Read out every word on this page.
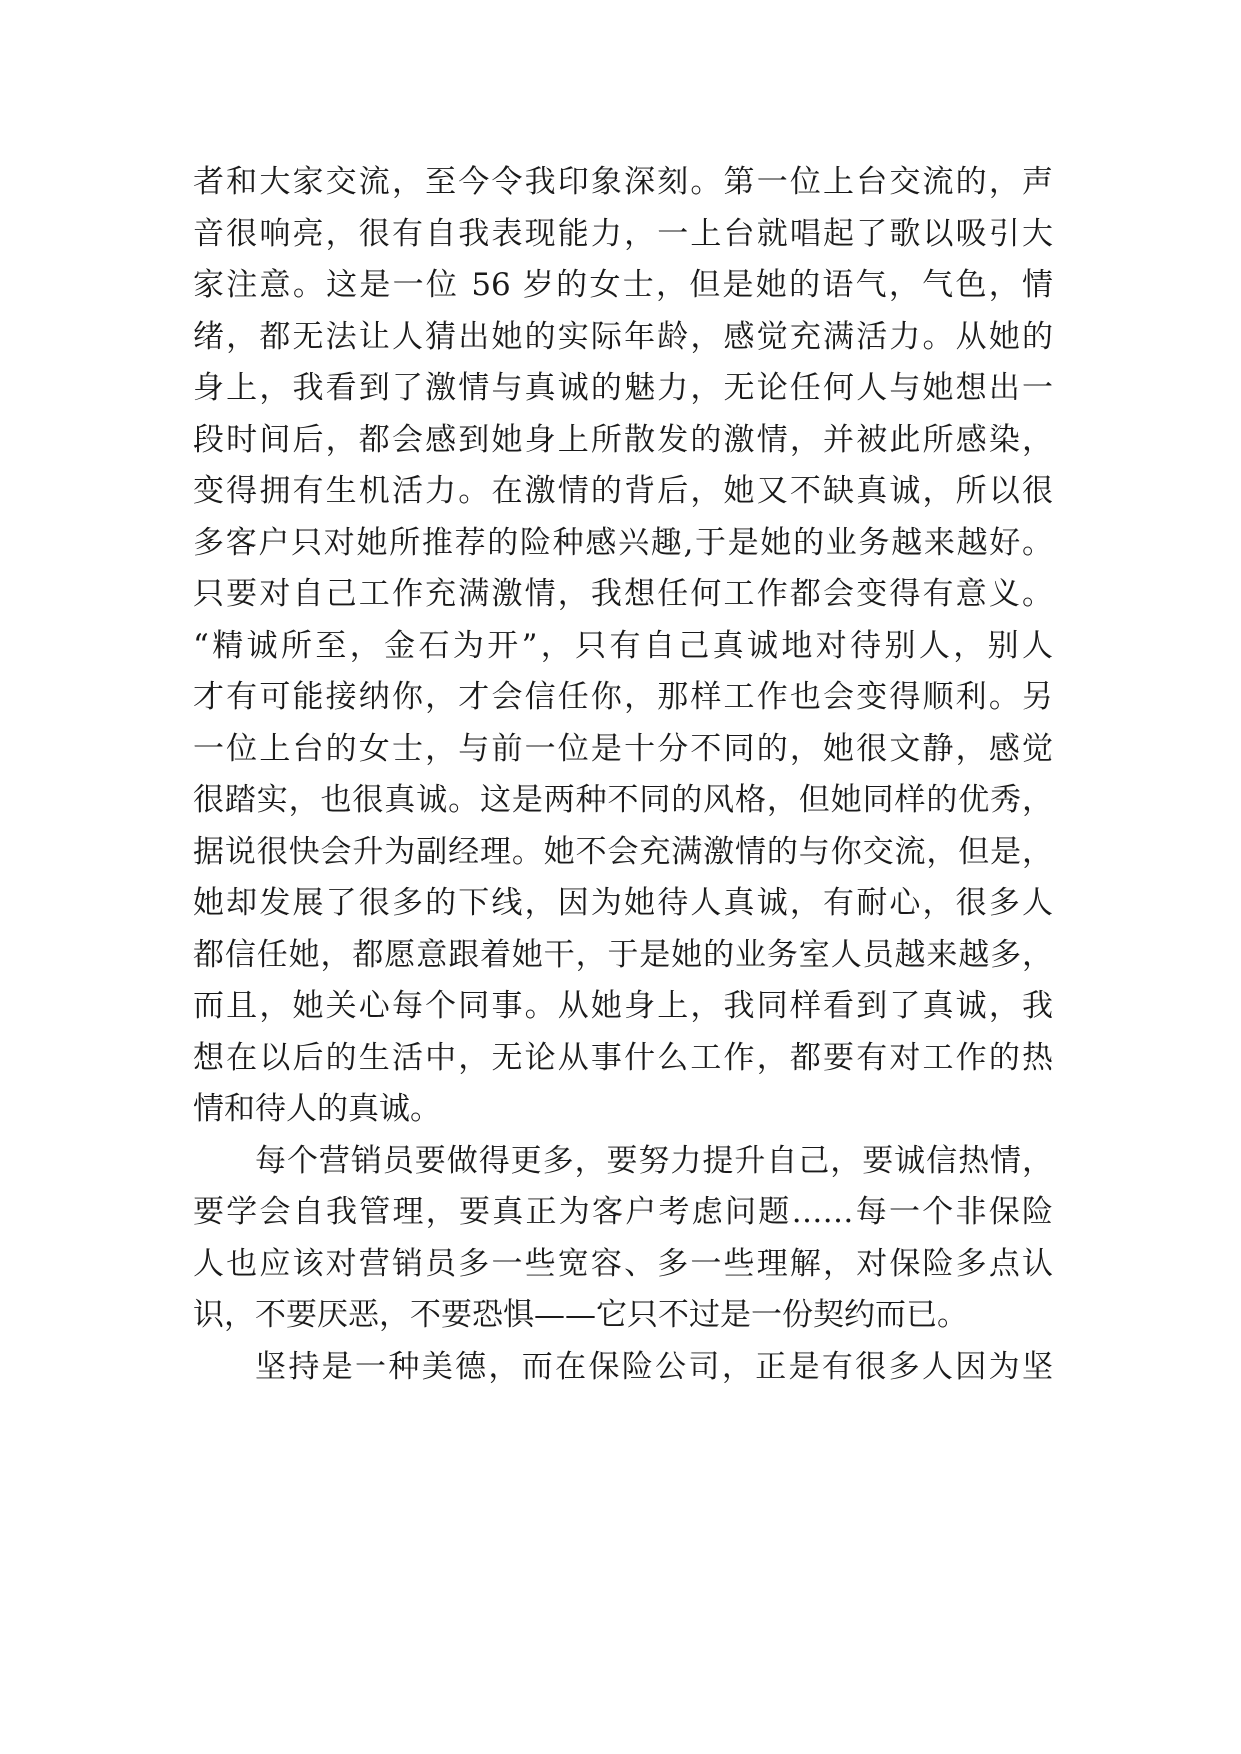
者和大家交流，至今令我印象深刻。第一位上台交流的，声
音很响亮，很有自我表现能力，一上台就唱起了歌以吸引大
家注意。这是一位 56 岁的女士，但是她的语气，气色，情
绪，都无法让人猜出她的实际年龄，感觉充满活力。从她的
身上，我看到了激情与真诚的魅力，无论任何人与她想出一
段时间后，都会感到她身上所散发的激情，并被此所感染，
变得拥有生机活力。在激情的背后，她又不缺真诚，所以很
多客户只对她所推荐的险种感兴趣,于是她的业务越来越好。
只要对自己工作充满激情，我想任何工作都会变得有意义。
“精诚所至，金石为开”，只有自己真诚地对待别人，别人
才有可能接纳你，才会信任你，那样工作也会变得顺利。另
一位上台的女士，与前一位是十分不同的，她很文静，感觉
很踏实，也很真诚。这是两种不同的风格，但她同样的优秀，
据说很快会升为副经理。她不会充满激情的与你交流，但是，
她却发展了很多的下线，因为她待人真诚，有耐心，很多人
都信任她，都愿意跟着她干，于是她的业务室人员越来越多，
而且，她关心每个同事。从她身上，我同样看到了真诚，我
想在以后的生活中，无论从事什么工作，都要有对工作的热
情和待人的真诚。
每个营销员要做得更多，要努力提升自己，要诚信热情，
要学会自我管理，要真正为客户考虑问题……每一个非保险
人也应该对营销员多一些宽容、多一些理解，对保险多点认
识，不要厌恶，不要恐惧——它只不过是一份契约而已。
坚持是一种美德，而在保险公司，正是有很多人因为坚
